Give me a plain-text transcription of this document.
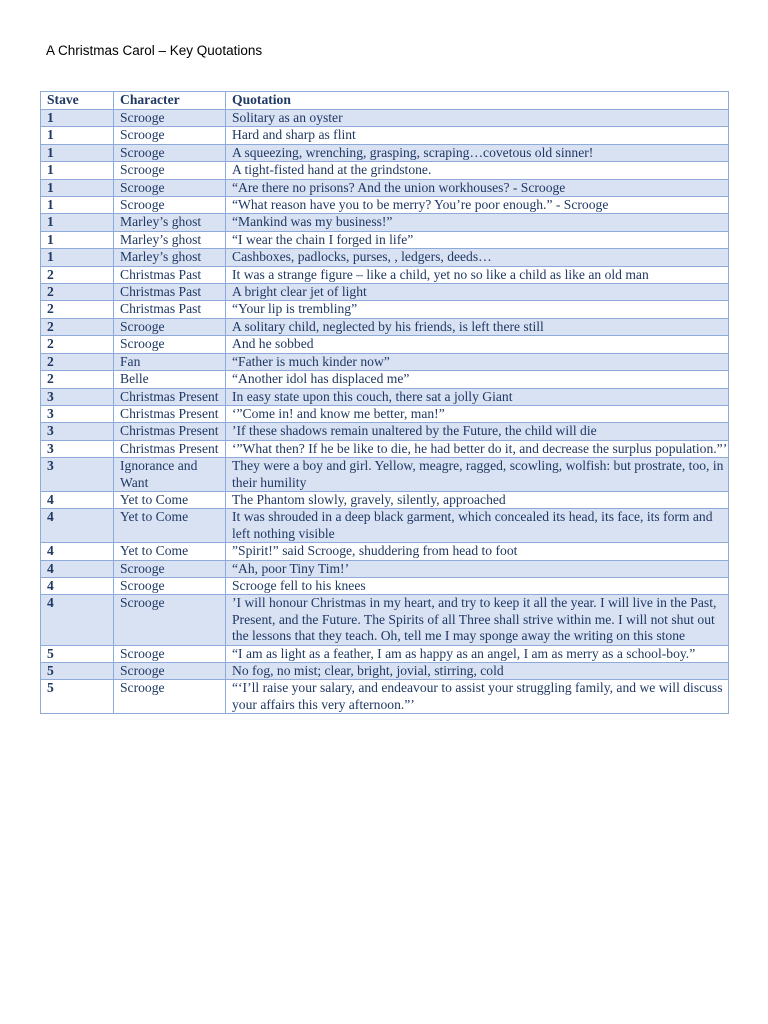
A Christmas Carol – Key Quotations
Stave	Character	Quotation
1	Scrooge	Solitary as an oyster
1	Scrooge	Hard and sharp as flint
1	Scrooge	A squeezing, wrenching, grasping, scraping…covetous old sinner!
1	Scrooge	A tight-fisted hand at the grindstone.
1	Scrooge	“Are there no prisons? And the union workhouses? - Scrooge
1	Scrooge	“What reason have you to be merry? You’re poor enough.” - Scrooge
1	Marley’s ghost	“Mankind was my business!”
1	Marley’s ghost	“I wear the chain I forged in life”
1	Marley’s ghost	Cashboxes, padlocks, purses, , ledgers, deeds…
2	Christmas Past	It was a strange figure – like a child, yet no so like a child as like an old man
2	Christmas Past	A bright clear jet of light
2	Christmas Past	“Your lip is trembling”
2	Scrooge	A solitary child, neglected by his friends, is left there still
2	Scrooge	And he sobbed
2	Fan	“Father is much kinder now”
2	Belle	“Another idol has displaced me”
3	Christmas Present	In easy state upon this couch, there sat a jolly Giant
3	Christmas Present	‘”Come in! and know me better, man!”
3	Christmas Present	’If these shadows remain unaltered by the Future, the child will die
3	Christmas Present	‘”What then? If he be like to die, he had better do it, and decrease the surplus population.”’
3	Ignorance and Want	They were a boy and girl. Yellow, meagre, ragged, scowling, wolfish: but prostrate, too, in their humility
4	Yet to Come	The Phantom slowly, gravely, silently, approached
4	Yet to Come	It was shrouded in a deep black garment, which concealed its head, its face, its form and left nothing visible
4	Yet to Come	”Spirit!” said Scrooge, shuddering from head to foot
4	Scrooge	“Ah, poor Tiny Tim!’
4	Scrooge	Scrooge fell to his knees
4	Scrooge	’I will honour Christmas in my heart, and try to keep it all the year. I will live in the Past, Present, and the Future. The Spirits of all Three shall strive within me. I will not shut out the lessons that they teach. Oh, tell me I may sponge away the writing on this stone
5	Scrooge	“I am as light as a feather, I am as happy as an angel, I am as merry as a school-boy.”
5	Scrooge	No fog, no mist; clear, bright, jovial, stirring, cold
5	Scrooge	“‘I’ll raise your salary, and endeavour to assist your struggling family, and we will discuss your affairs this very afternoon.”’
